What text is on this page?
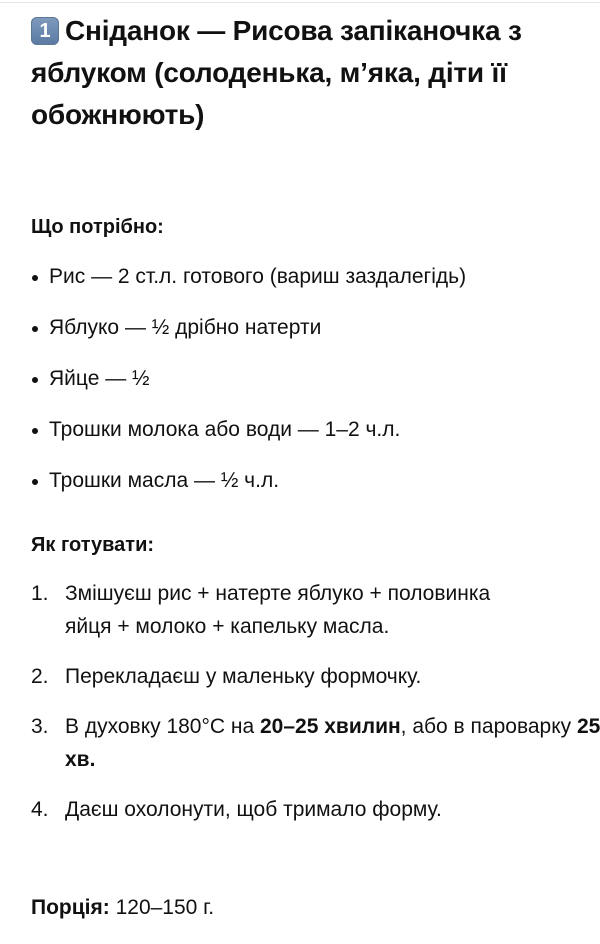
1 Сніданок — Рисова запіканочка з яблуком (солоденька, м’яка, діти її обожнюють)
Що потрібно:
Рис — 2 ст.л. готового (вариш заздалегідь)
Яблуко — ½ дрібно натерти
Яйце — ½
Трошки молока або води — 1–2 ч.л.
Трошки масла — ½ ч.л.
Як готувати:
1. Змішуєш рис + натерте яблуко + половинка яйця + молоко + капельку масла.
2. Перекладаєш у маленьку формочку.
3. В духовку 180°C на 20–25 хвилин, або в пароварку 25 хв.
4. Даєш охолонути, щоб тримало форму.

Порція: 120–150 г.
